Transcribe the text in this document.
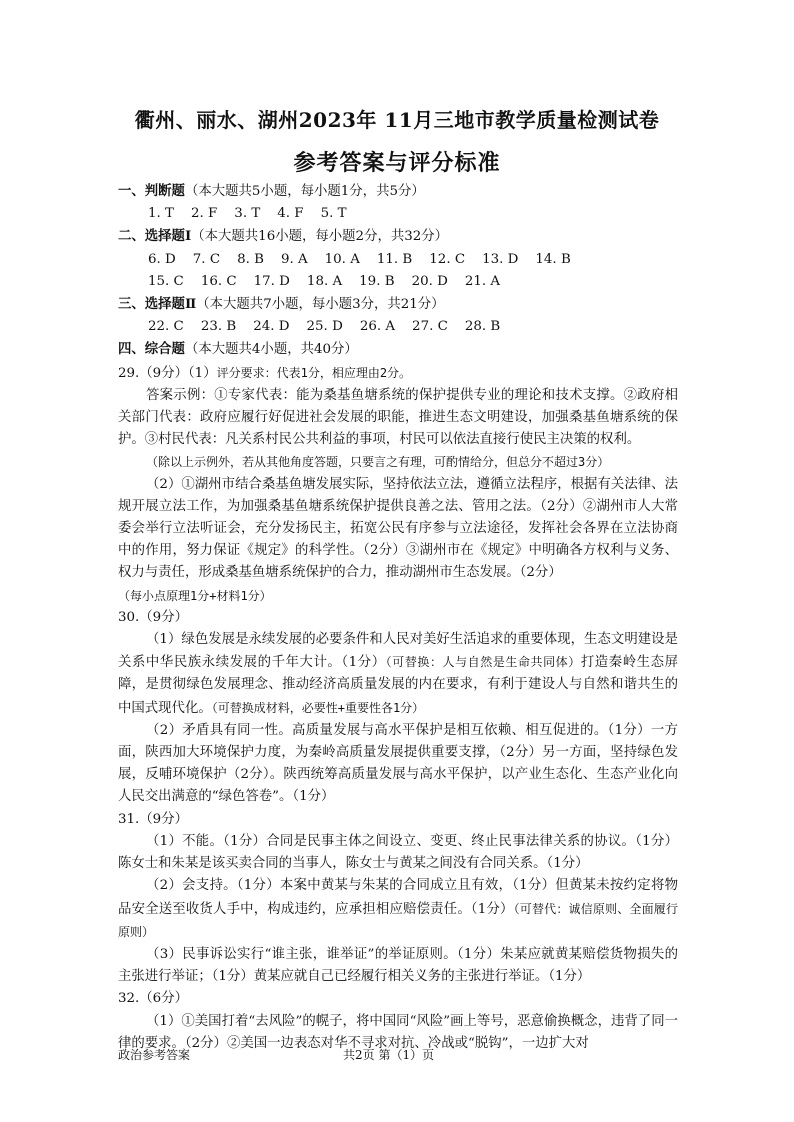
衢州、丽水、湖州2023年 11月三地市教学质量检测试卷
参考答案与评分标准
一、判断题（本大题共5小题，每小题1分，共5分）
1. T 2. F 3. T 4. F 5. T
二、选择题Ⅰ（本大题共16小题，每小题2分，共32分）
6. D 7. C 8. B 9. A 10. A 11. B 12. C 13. D 14. B
15. C 16. C 17. D 18. A 19. B 20. D 21. A
三、选择题Ⅱ（本大题共7小题，每小题3分，共21分）
22. C 23. B 24. D 25. D 26. A 27. C 28. B
四、综合题（本大题共4小题，共40分）
29.（9分）（1）评分要求：代表1分，相应理由2分。

答案示例：①专家代表：能为桑基鱼塘系统的保护提供专业的理论和技术支撑。②政府相关部门代表：政府应履行好促进社会发展的职能，推进生态文明建设，加强桑基鱼塘系统的保护。③村民代表：凡关系村民公共利益的事项，村民可以依法直接行使民主决策的权利。

（除以上示例外，若从其他角度答题，只要言之有理，可酌情给分，但总分不超过3分）

（2）①湖州市结合桑基鱼塘发展实际，坚持依法立法，遵循立法程序，根据有关法律、法规开展立法工作，为加强桑基鱼塘系统保护提供良善之法、管用之法。（2分）②湖州市人大常委会举行立法听证会，充分发扬民主，拓宽公民有序参与立法途径，发挥社会各界在立法协商中的作用，努力保证《规定》的科学性。（2分）③湖州市在《规定》中明确各方权利与义务、权力与责任，形成桑基鱼塘系统保护的合力，推动湖州市生态发展。（2分）

（每小点原理1分+材料1分）

30.（9分）

（1）绿色发展是永续发展的必要条件和人民对美好生活追求的重要体现，生态文明建设是关系中华民族永续发展的千年大计。（1分）（可替换：人与自然是生命共同体）打造秦岭生态屏障，是贯彻绿色发展理念、推动经济高质量发展的内在要求，有利于建设人与自然和谐共生的中国式现代化。（可替换成材料，必要性+重要性各1分）

（2）矛盾具有同一性。高质量发展与高水平保护是相互依赖、相互促进的。（1分）一方面，陕西加大环境保护力度，为秦岭高质量发展提供重要支撑，（2分）另一方面，坚持绿色发展，反哺环境保护（2分）。陕西统筹高质量发展与高水平保护，以产业生态化、生态产业化向人民交出满意的“绿色答卷”。（1分）

31.（9分）

（1）不能。（1分）合同是民事主体之间设立、变更、终止民事法律关系的协议。（1分）陈女士和朱某是该买卖合同的当事人，陈女士与黄某之间没有合同关系。（1分）

（2）会支持。（1分）本案中黄某与朱某的合同成立且有效，（1分）但黄某未按约定将物品安全送至收货人手中，构成违约，应承担相应赔偿责任。（1分）（可替代：诚信原则、全面履行原则）

（3）民事诉讼实行“谁主张，谁举证”的举证原则。（1分）朱某应就黄某赔偿货物损失的主张进行举证；（1分）黄某应就自己已经履行相关义务的主张进行举证。（1分）

32.（6分）

（1）①美国打着“去风险”的幌子，将中国同“风险”画上等号，恶意偷换概念，违背了同一律的要求。（2分）②美国一边表态对华不寻求对抗、冷战或“脱钩”，一边扩大对

政治参考答案	共2页 第（1）页
